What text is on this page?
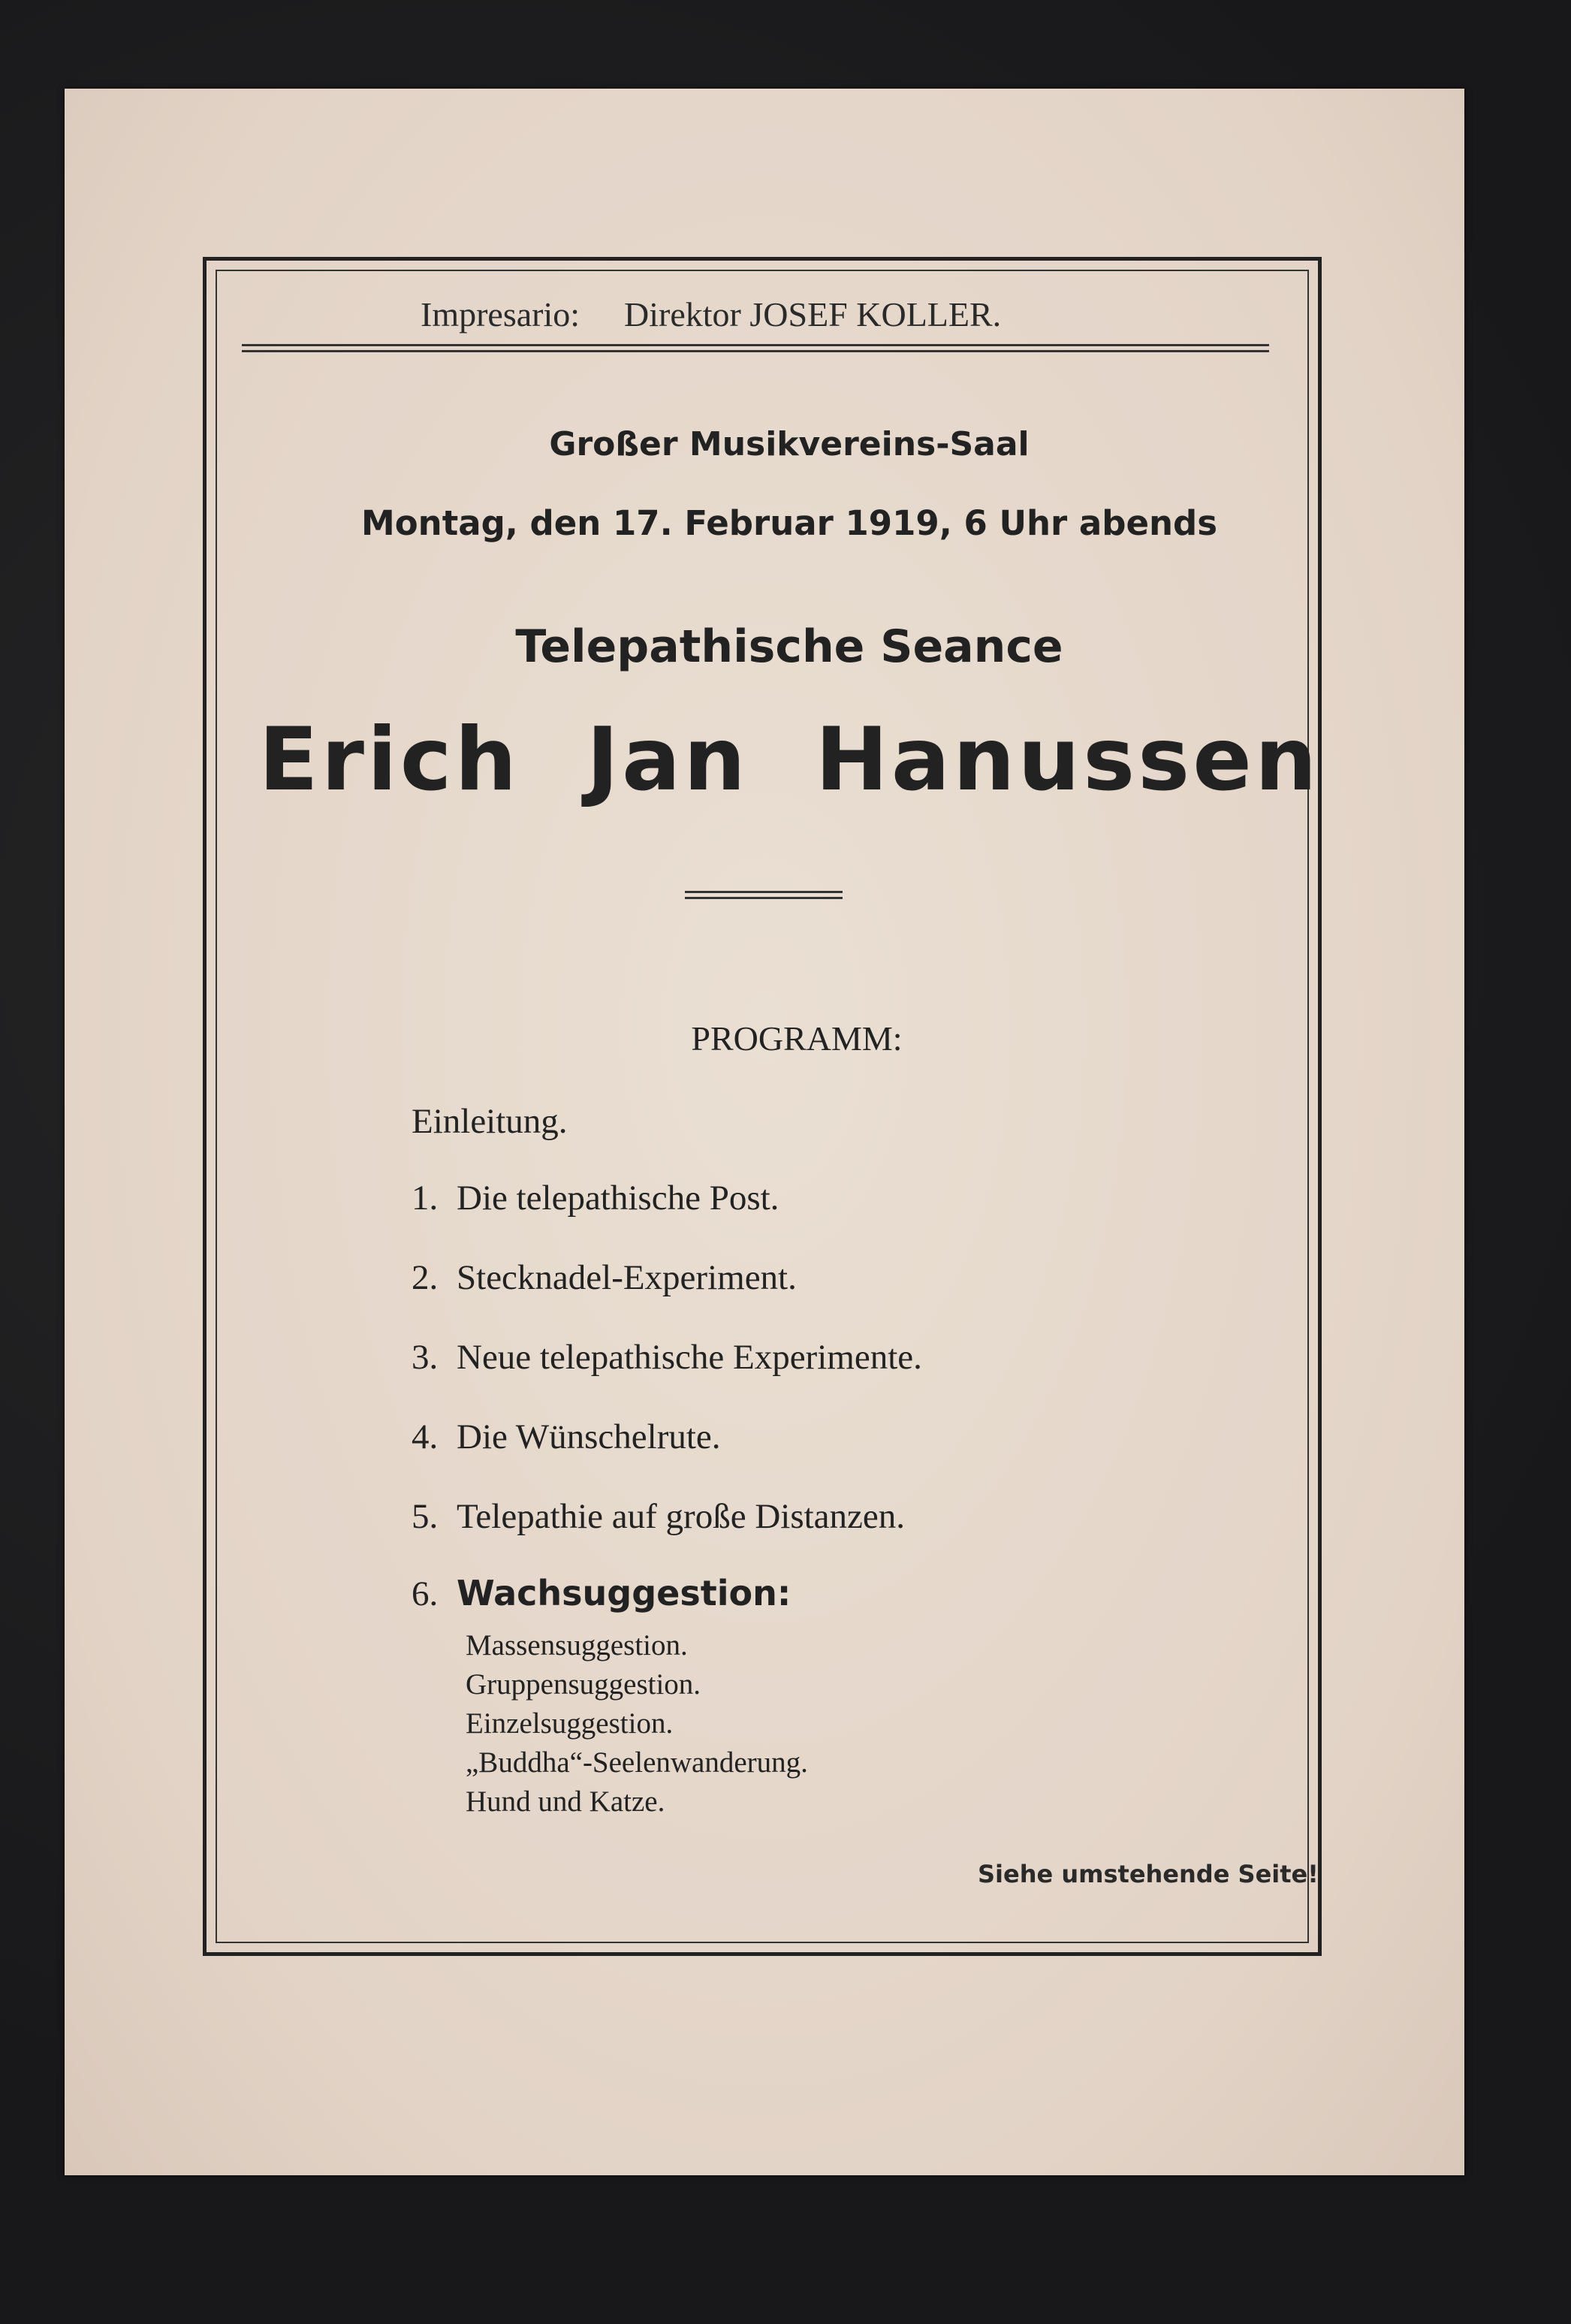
Impresario: Direktor JOSEF KOLLER.
Großer Musikvereins-Saal
Montag, den 17. Februar 1919, 6 Uhr abends
Telepathische Seance
Erich  Jan  Hanussen
PROGRAMM:
Einleitung.
1. Die telepathische Post.
2. Stecknadel-Experiment.
3. Neue telepathische Experimente.
4. Die Wünschelrute.
5. Telepathie auf große Distanzen.
6. Wachsuggestion:
Massensuggestion.
Gruppensuggestion.
Einzelsuggestion.
„Buddha“-Seelenwanderung.
Hund und Katze.
Siehe umstehende Seite!
